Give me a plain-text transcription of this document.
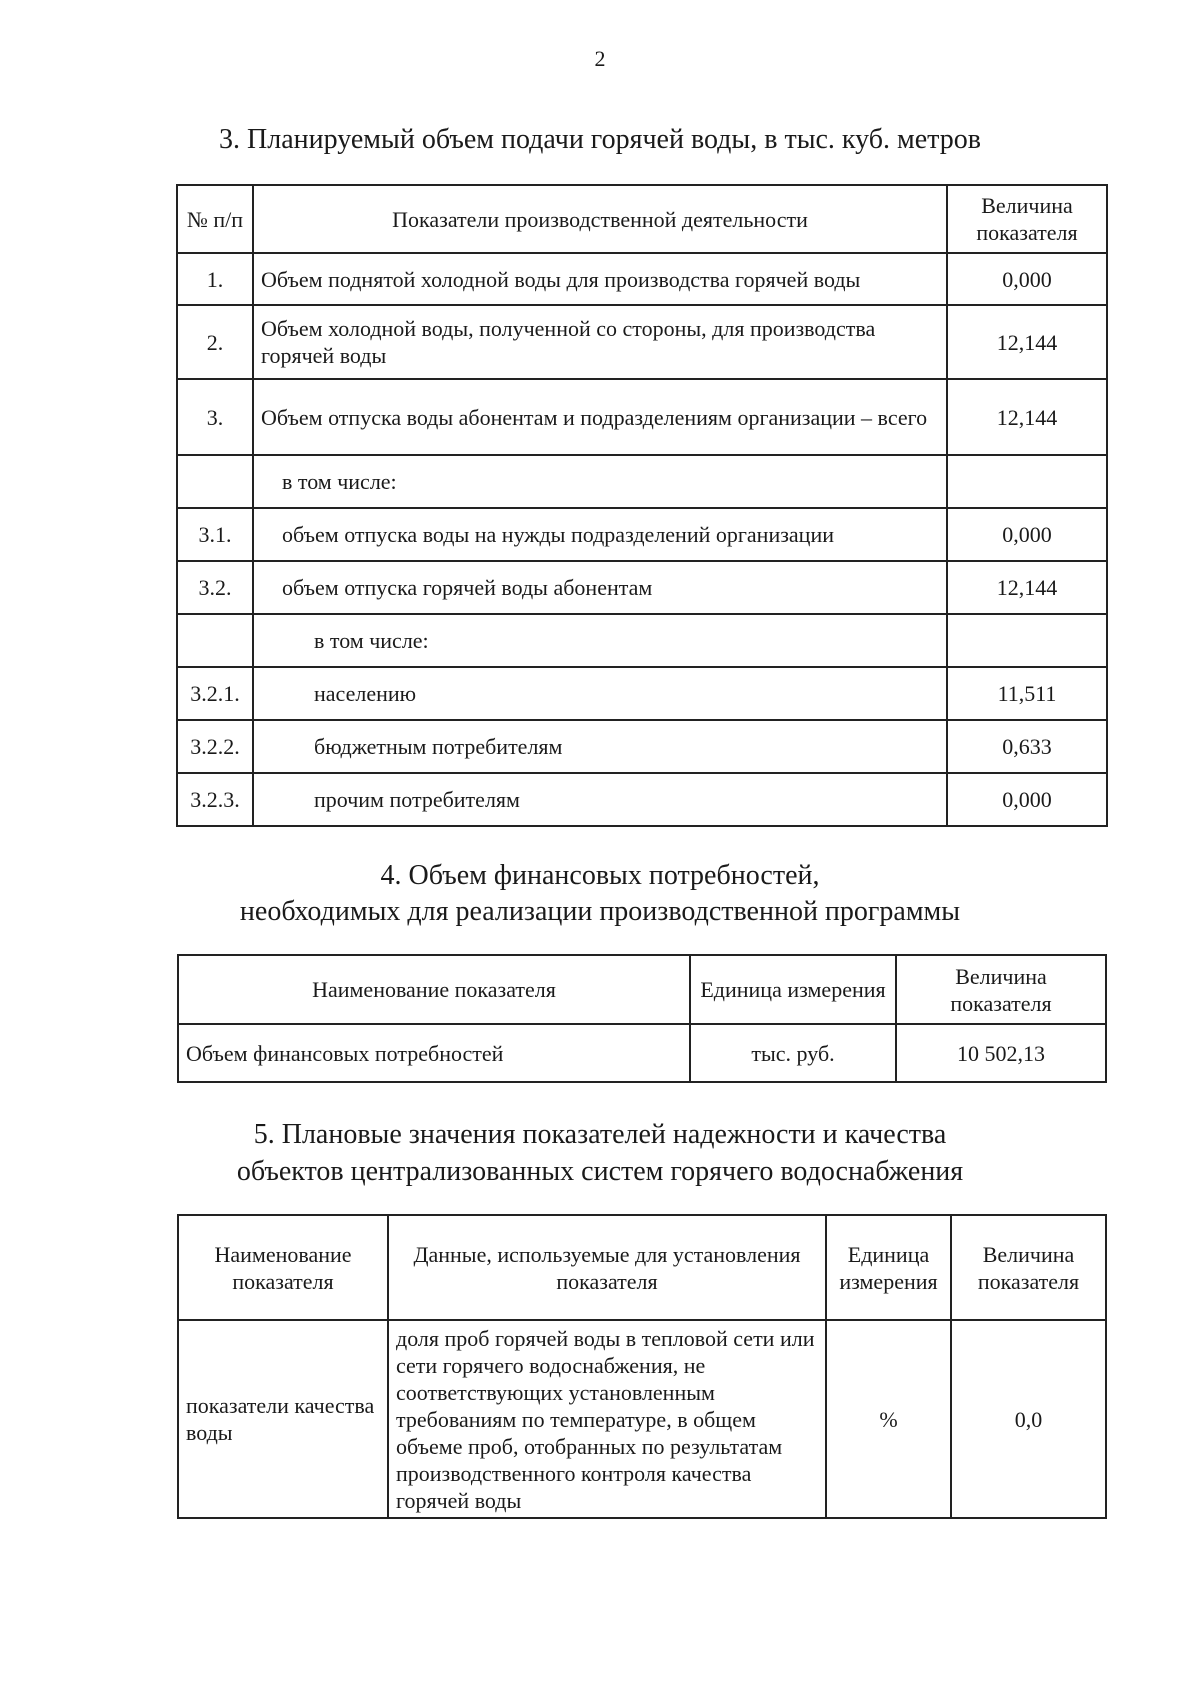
2
3. Планируемый объем подачи горячей воды, в тыс. куб. метров
№ п/п	Показатели производственной деятельности	Величина показателя
1.	Объем поднятой холодной воды для производства горячей воды	0,000
2.	Объем холодной воды, полученной со стороны, для производства горячей воды	12,144
3.	Объем отпуска воды абонентам и подразделениям организации – всего	12,144
	в том числе:	
3.1.	объем отпуска воды на нужды подразделений организации	0,000
3.2.	объем отпуска горячей воды абонентам	12,144
	в том числе:	
3.2.1.	населению	11,511
3.2.2.	бюджетным потребителям	0,633
3.2.3.	прочим потребителям	0,000
4. Объем финансовых потребностей,
необходимых для реализации производственной программы
Наименование показателя	Единица измерения	Величина показателя
Объем финансовых потребностей	тыс. руб.	10 502,13
5. Плановые значения показателей надежности и качества
объектов централизованных систем горячего водоснабжения
Наименование показателя	Данные, используемые для установления показателя	Единица измерения	Величина показателя
показатели качества воды	доля проб горячей воды в тепловой сети или сети горячего водоснабжения, не соответствующих установленным требованиям по температуре, в общем объеме проб, отобранных по результатам производственного контроля качества горячей воды	%	0,0
